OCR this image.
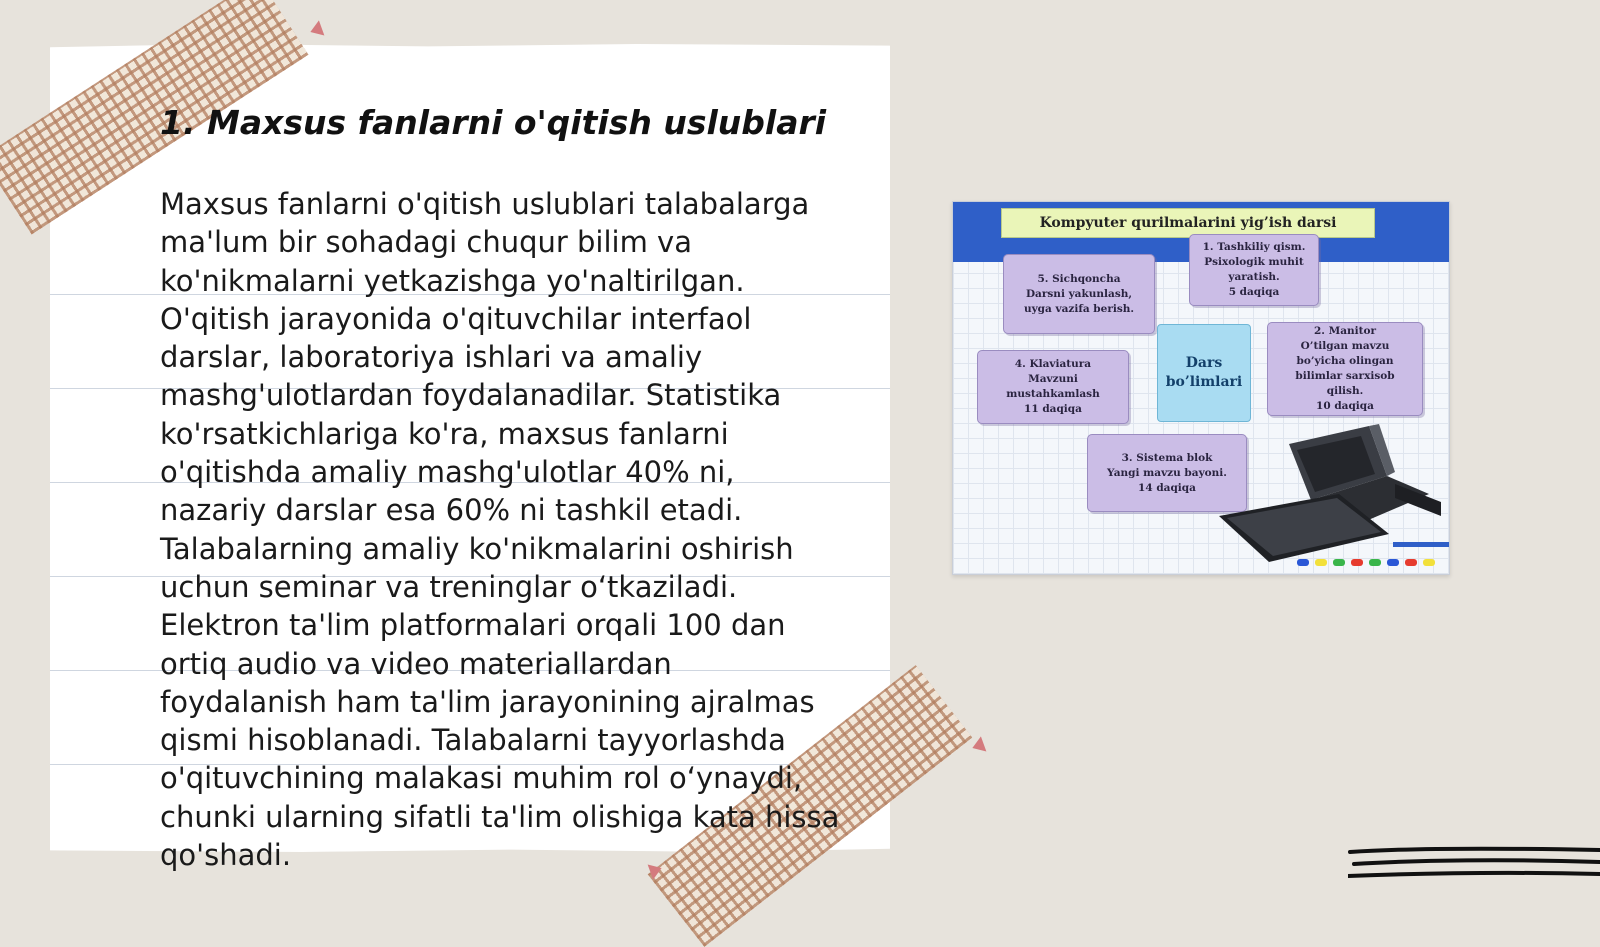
1. Maxsus fanlarni o'qitish uslublari

Maxsus fanlarni o'qitish uslublari talabalarga ma'lum bir sohadagi chuqur bilim va ko'nikmalarni yetkazishga yo'naltirilgan. O'qitish jarayonida o'qituvchilar interfaol darslar, laboratoriya ishlari va amaliy mashg'ulotlardan foydalanadilar. Statistika ko'rsatkichlariga ko'ra, maxsus fanlarni o'qitishda amaliy mashg'ulotlar 40% ni, nazariy darslar esa 60% ni tashkil etadi. Talabalarning amaliy ko'nikmalarini oshirish uchun seminar va treninglar oʻtkaziladi. Elektron ta'lim platformalari orqali 100 dan ortiq audio va video materiallardan foydalanish ham ta'lim jarayonining ajralmas qismi hisoblanadi. Talabalarni tayyorlashda o'qituvchining malakasi muhim rol oʻynaydi, chunki ularning sifatli ta'lim olishiga kata hissa qo'shadi.

Kompyuter qurilmalarini yig’ish darsi
1. Tashkiliy qism.
Psixologik muhit
yaratish.
5 daqiqa
2. Manitor
O’tilgan mavzu
bo’yicha olingan
bilimlar sarxisob
qilish.
10 daqiqa
3. Sistema blok
Yangi mavzu bayoni.
14 daqiqa
4. Klaviatura
Mavzuni
mustahkamlash
11 daqiqa
5. Sichqoncha
Darsni yakunlash,
uyga vazifa berish.
Dars
bo’limlari
